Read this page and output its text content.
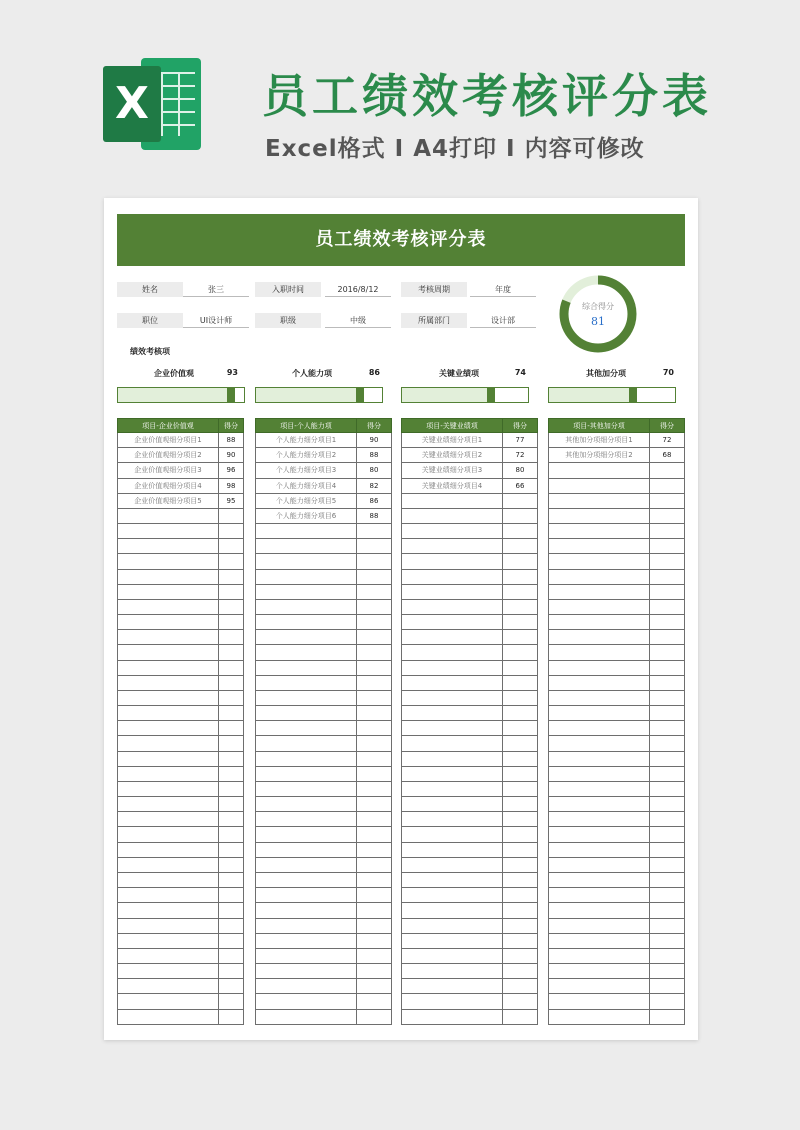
X 员工绩效考核评分表
Excel格式 I A4打印 I 内容可修改
员工绩效考核评分表
姓名	张三	入职时间	2016/8/12	考核周期	年度
职位	UI设计师	职级	中级	所属部门	设计部
综合得分
81
绩效考核项
企业价值观	93	个人能力项	86	关键业绩项	74	其他加分项	70
项目-企业价值观	得分
企业价值观细分项目1	88
企业价值观细分项目2	90
企业价值观细分项目3	96
企业价值观细分项目4	98
企业价值观细分项目5	95

项目-个人能力项	得分
个人能力细分项目1	90
个人能力细分项目2	88
个人能力细分项目3	80
个人能力细分项目4	82
个人能力细分项目5	86
个人能力细分项目6	88

项目-关键业绩项	得分
关键业绩细分项目1	77
关键业绩细分项目2	72
关键业绩细分项目3	80
关键业绩细分项目4	66

项目-其他加分项	得分
其他加分项细分项目1	72
其他加分项细分项目2	68
